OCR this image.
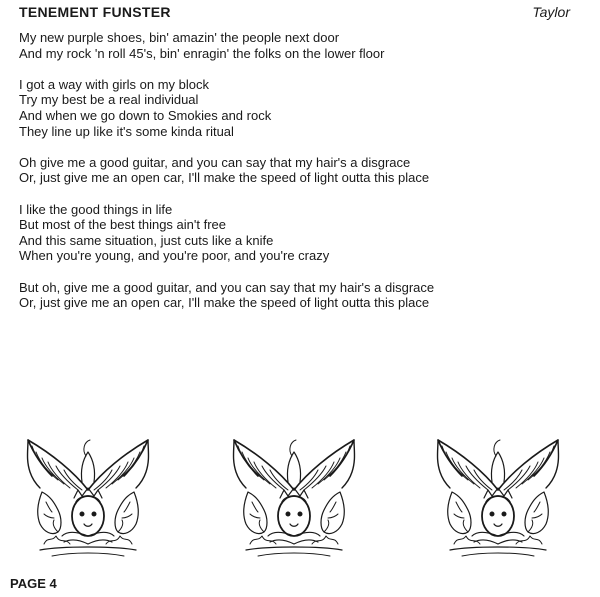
TENEMENT FUNSTER	Taylor
My new purple shoes, bin' amazin' the people next door
And my rock 'n roll 45's, bin' enragin' the folks on the lower floor
I got a way with girls on my block
Try my best be a real individual
And when we go down to Smokies and rock
They line up like it's some kinda ritual
Oh give me a good guitar, and you can say that my hair's a disgrace
Or, just give me an open car, I'll make the speed of light outta this place
I like the good things in life
But most of the best things ain't free
And this same situation, just cuts like a knife
When you're young, and you're poor, and you're crazy
But oh, give me a good guitar, and you can say that my hair's a disgrace
Or, just give me an open car, I'll make the speed of light outta this place
PAGE 4
